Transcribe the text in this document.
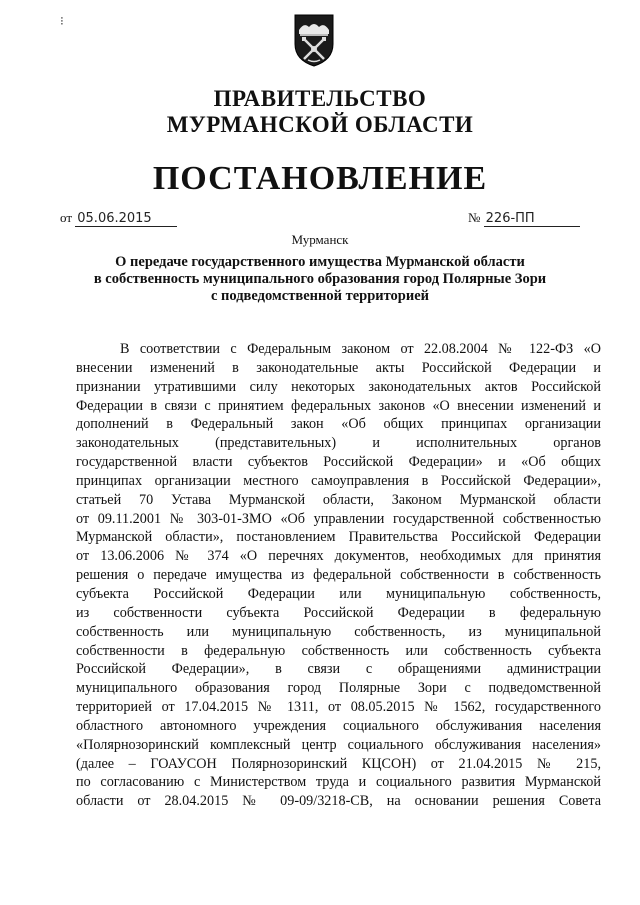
⁝
ПРАВИТЕЛЬСТВО
МУРМАНСКОЙ ОБЛАСТИ
ПОСТАНОВЛЕНИЕ
от 05.06.2015	№ 226-ПП
Мурманск
О передаче государственного имущества Мурманской области
в собственность муниципального образования город Полярные Зори
с подведомственной территорией
В соответствии с Федеральным законом от 22.08.2004 № 122-ФЗ «О
внесении изменений в законодательные акты Российской Федерации и
признании утратившими силу некоторых законодательных актов Российской
Федерации в связи с принятием федеральных законов «О внесении изменений и
дополнений в Федеральный закон «Об общих принципах организации
законодательных (представительных) и исполнительных органов
государственной власти субъектов Российской Федерации» и «Об общих
принципах организации местного самоуправления в Российской Федерации»,
статьей 70 Устава Мурманской области, Законом Мурманской области
от 09.11.2001 № 303-01-ЗМО «Об управлении государственной собственностью
Мурманской области», постановлением Правительства Российской Федерации
от 13.06.2006 № 374 «О перечнях документов, необходимых для принятия
решения о передаче имущества из федеральной собственности в собственность
субъекта Российской Федерации или муниципальную собственность,
из собственности субъекта Российской Федерации в федеральную
собственность или муниципальную собственность, из муниципальной
собственности в федеральную собственность или собственность субъекта
Российской Федерации», в связи с обращениями администрации
муниципального образования город Полярные Зори с подведомственной
территорией от 17.04.2015 № 1311, от 08.05.2015 № 1562, государственного
областного автономного учреждения социального обслуживания населения
«Полярнозоринский комплексный центр социального обслуживания населения»
(далее – ГОАУСОН Полярнозоринский КЦСОН) от 21.04.2015 № 215,
по согласованию с Министерством труда и социального развития Мурманской
области от 28.04.2015 № 09-09/3218-СВ, на основании решения Совета
